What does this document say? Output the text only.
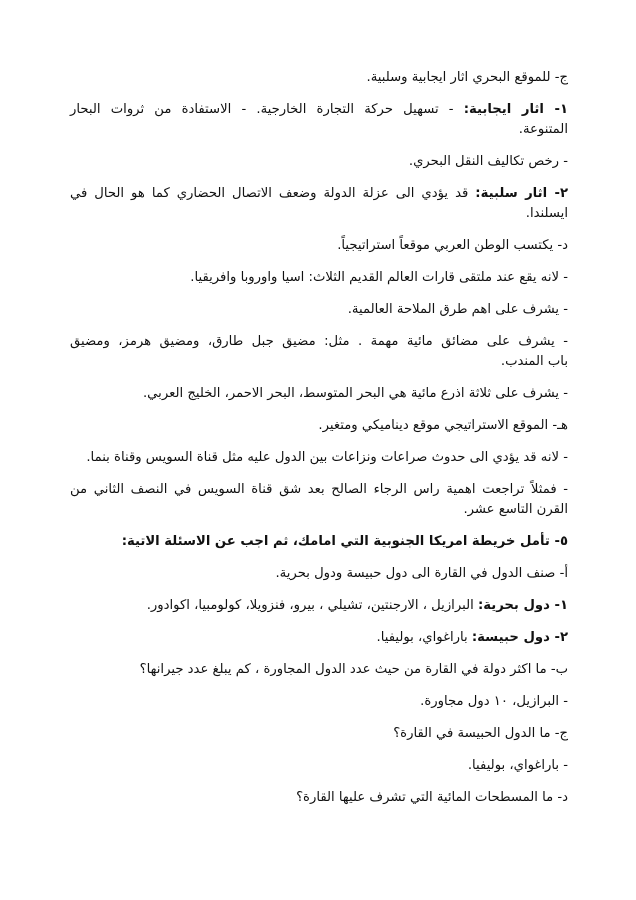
ج- للموقع البحري اثار ايجابية وسلبية.

١- اثار ايجابية: - تسهيل حركة التجارة الخارجية. - الاستفادة من ثروات البحار

المتنوعة.

- رخص تكاليف النقل البحري.

٢- اثار سلبية: قد يؤدي الى عزلة الدولة وضعف الاتصال الحضاري كما هو الحال في

ايسلندا.

د- يكتسب الوطن العربي موقعاً استراتيجياً.

- لانه يقع عند ملتقى قارات العالم القديم الثلاث: اسيا واوروبا وافريقيا.

- يشرف على اهم طرق الملاحة العالمية.

- يشرف على مضائق مائية مهمة . مثل: مضيق جبل طارق، ومضيق هرمز، ومضيق

باب المندب.

- يشرف على ثلاثة اذرع مائية هي البحر المتوسط، البحر الاحمر، الخليج العربي.

هـ- الموقع الاستراتيجي موقع ديناميكي ومتغير.

- لانه قد يؤدي الى حدوث صراعات ونزاعات بين الدول عليه مثل قناة السويس وقناة بنما.

- فمثلاً تراجعت اهمية راس الرجاء الصالح بعد شق قناة السويس في النصف الثاني من

القرن التاسع عشر.

٥- تأمل خريطة امريكا الجنوبية التي امامك، ثم اجب عن الاسئلة الاتية:

أ- صنف الدول في القارة الى دول حبيسة ودول بحرية.

١- دول بحرية: البرازيل ، الارجنتين، تشيلي ، بيرو، فنزويلا، كولومبيا، اكوادور.

٢- دول حبيسة: باراغواي، بوليفيا.

ب- ما اكثر دولة في القارة من حيث عدد الدول المجاورة ، كم يبلغ عدد جيرانها؟

- البرازيل، ١٠ دول مجاورة.

ج- ما الدول الحبيسة في القارة؟

- باراغواي، بوليفيا.

د- ما المسطحات المائية التي تشرف عليها القارة؟
